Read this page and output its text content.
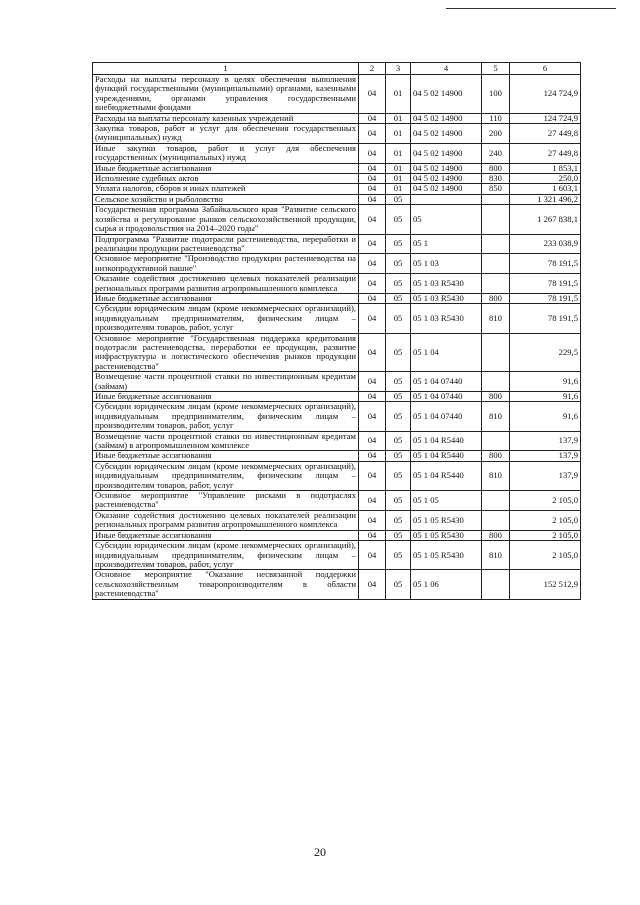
1	2	3	4	5	6
Расходы на выплаты персоналу в целях обеспечения выполнения функций государственными (муниципальными) органами, казенными учреждениями, органами управления государственными внебюджетными фондами	04	01	04 5 02 14900	100	124 724,9
Расходы на выплаты персоналу казенных учреждений	04	01	04 5 02 14900	110	124 724,9
Закупка товаров, работ и услуг для обеспечения государственных (муниципальных) нужд	04	01	04 5 02 14900	200	27 449,8
Иные закупки товаров, работ и услуг для обеспечения государственных (муниципальных) нужд	04	01	04 5 02 14900	240	27 449,8
Иные бюджетные ассигнования	04	01	04 5 02 14900	800	1 853,1
Исполнение судебных актов	04	01	04 5 02 14900	830	250,0
Уплата налогов, сборов и иных платежей	04	01	04 5 02 14900	850	1 603,1
Сельское хозяйство и рыболовство	04	05			1 321 496,2
Государственная программа Забайкальского края "Развитие сельского хозяйства и регулирование рынков сельскохозяйственной продукции, сырья и продовольствия на 2014–2020 годы"	04	05	05		1 267 838,1
Подпрограмма "Развитие подотрасли растениеводства, переработки и реализации продукции растениеводства"	04	05	05 1		233 038,9
Основное мероприятие "Производство продукции растениеводства на низкопродуктивной пашне"	04	05	05 1 03		78 191,5
Оказание содействия достижению целевых показателей реализации региональных программ развития агропромышленного комплекса	04	05	05 1 03 R5430		78 191,5
Иные бюджетные ассигнования	04	05	05 1 03 R5430	800	78 191,5
Субсидии юридическим лицам (кроме некоммерческих организаций), индивидуальным предпринимателям, физическим лицам – производителям товаров, работ, услуг	04	05	05 1 03 R5430	810	78 191,5
Основное мероприятие "Государственная поддержка кредитования подотрасли растениеводства, переработки ее продукции, развитие инфраструктуры и логистического обеспечения рынков продукции растениеводства"	04	05	05 1 04		229,5
Возмещение части процентной ставки по инвестиционным кредитам (займам)	04	05	05 1 04 07440		91,6
Иные бюджетные ассигнования	04	05	05 1 04 07440	800	91,6
Субсидии юридическим лицам (кроме некоммерческих организаций), индивидуальным предпринимателям, физическим лицам – производителям товаров, работ, услуг	04	05	05 1 04 07440	810	91,6
Возмещение части процентной ставки по инвестиционным кредитам (займам) в агропромышленном комплексе	04	05	05 1 04 R5440		137,9
Иные бюджетные ассигнования	04	05	05 1 04 R5440	800	137,9
Субсидии юридическим лицам (кроме некоммерческих организаций), индивидуальным предпринимателям, физическим лицам – производителям товаров, работ, услуг	04	05	05 1 04 R5440	810	137,9
Основное мероприятие "Управление рисками в подотраслях растениеводства"	04	05	05 1 05		2 105,0
Оказание содействия достижению целевых показателей реализации региональных программ развития агропромышленного комплекса	04	05	05 1 05 R5430		2 105,0
Иные бюджетные ассигнования	04	05	05 1 05 R5430	800	2 105,0
Субсидии юридическим лицам (кроме некоммерческих организаций), индивидуальным предпринимателям, физическим лицам – производителям товаров, работ, услуг	04	05	05 1 05 R5430	810	2 105,0
Основное мероприятие "Оказание несвязанной поддержки сельскохозяйственным товаропроизводителям в области растениеводства"	04	05	05 1 06		152 512,9
20
